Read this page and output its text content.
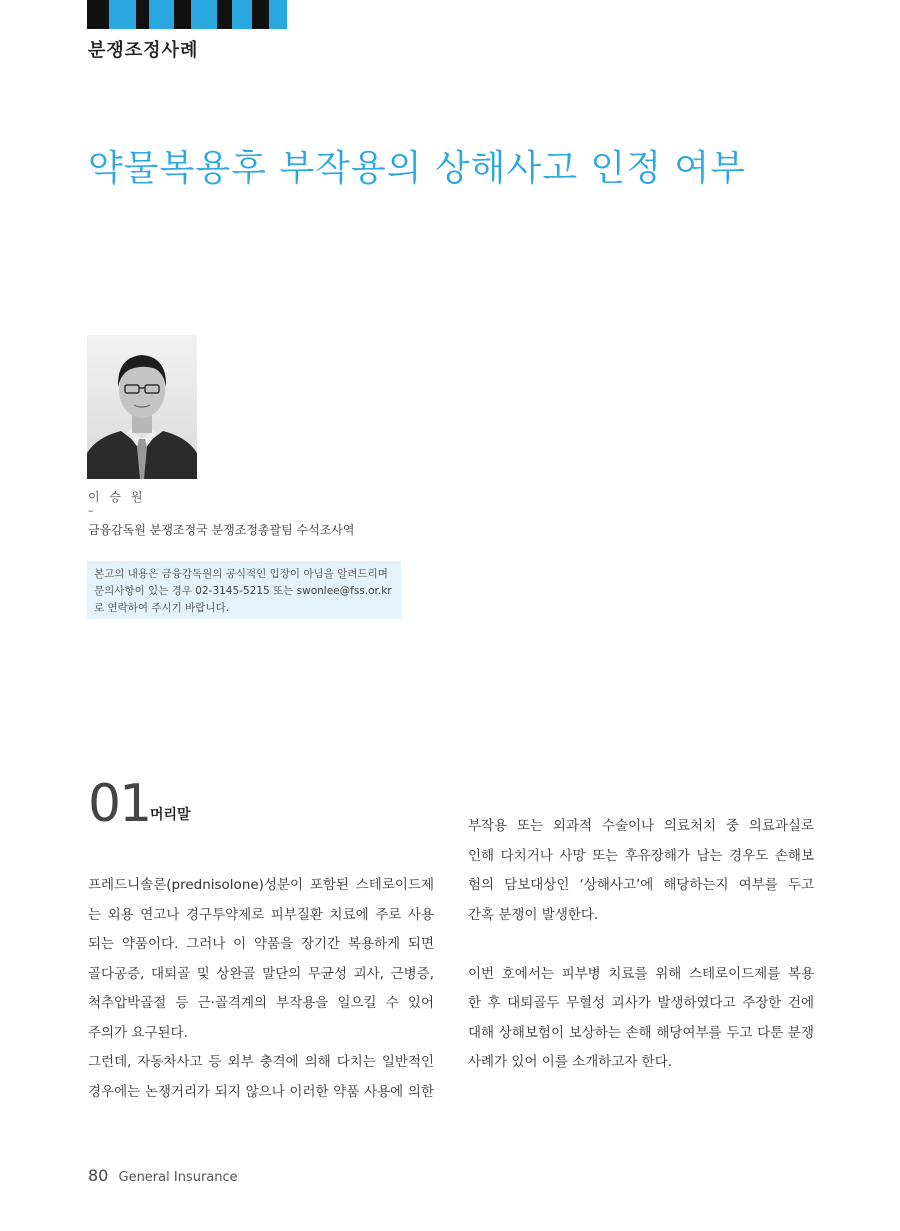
분쟁조정사례
약물복용후 부작용의 상해사고 인정 여부
이 승 원
–
금융감독원 분쟁조정국 분쟁조정총괄팀 수석조사역
본고의 내용은 금융감독원의 공식적인 입장이 아님을 알려드리며
문의사항이 있는 경우 02-3145-5215 또는 swonlee@fss.or.kr
로 연락하여 주시기 바랍니다.
01 머리말

프레드니솔론(prednisolone)성분이 포함된 스테로이드제
는 외용 연고나 경구투약제로 피부질환 치료에 주로 사용
되는 약품이다. 그러나 이 약품을 장기간 복용하게 되면
골다공증, 대퇴골 및 상완골 말단의 무균성 괴사, 근병증,
척추압박골절 등 근·골격계의 부작용을 일으킬 수 있어
주의가 요구된다.

그런데, 자동차사고 등 외부 충격에 의해 다치는 일반적인
경우에는 논쟁거리가 되지 않으나 이러한 약품 사용에 의한

부작용 또는 외과적 수술이나 의료처치 중 의료과실로
인해 다치거나 사망 또는 후유장해가 남는 경우도 손해보
험의 담보대상인 ‘상해사고’에 해당하는지 여부를 두고
간혹 분쟁이 발생한다.

이번 호에서는 피부병 치료를 위해 스테로이드제를 복용
한 후 대퇴골두 무혈성 괴사가 발생하였다고 주장한 건에
대해 상해보험이 보상하는 손해 해당여부를 두고 다툰 분쟁
사례가 있어 이를 소개하고자 한다.

80 General Insurance
